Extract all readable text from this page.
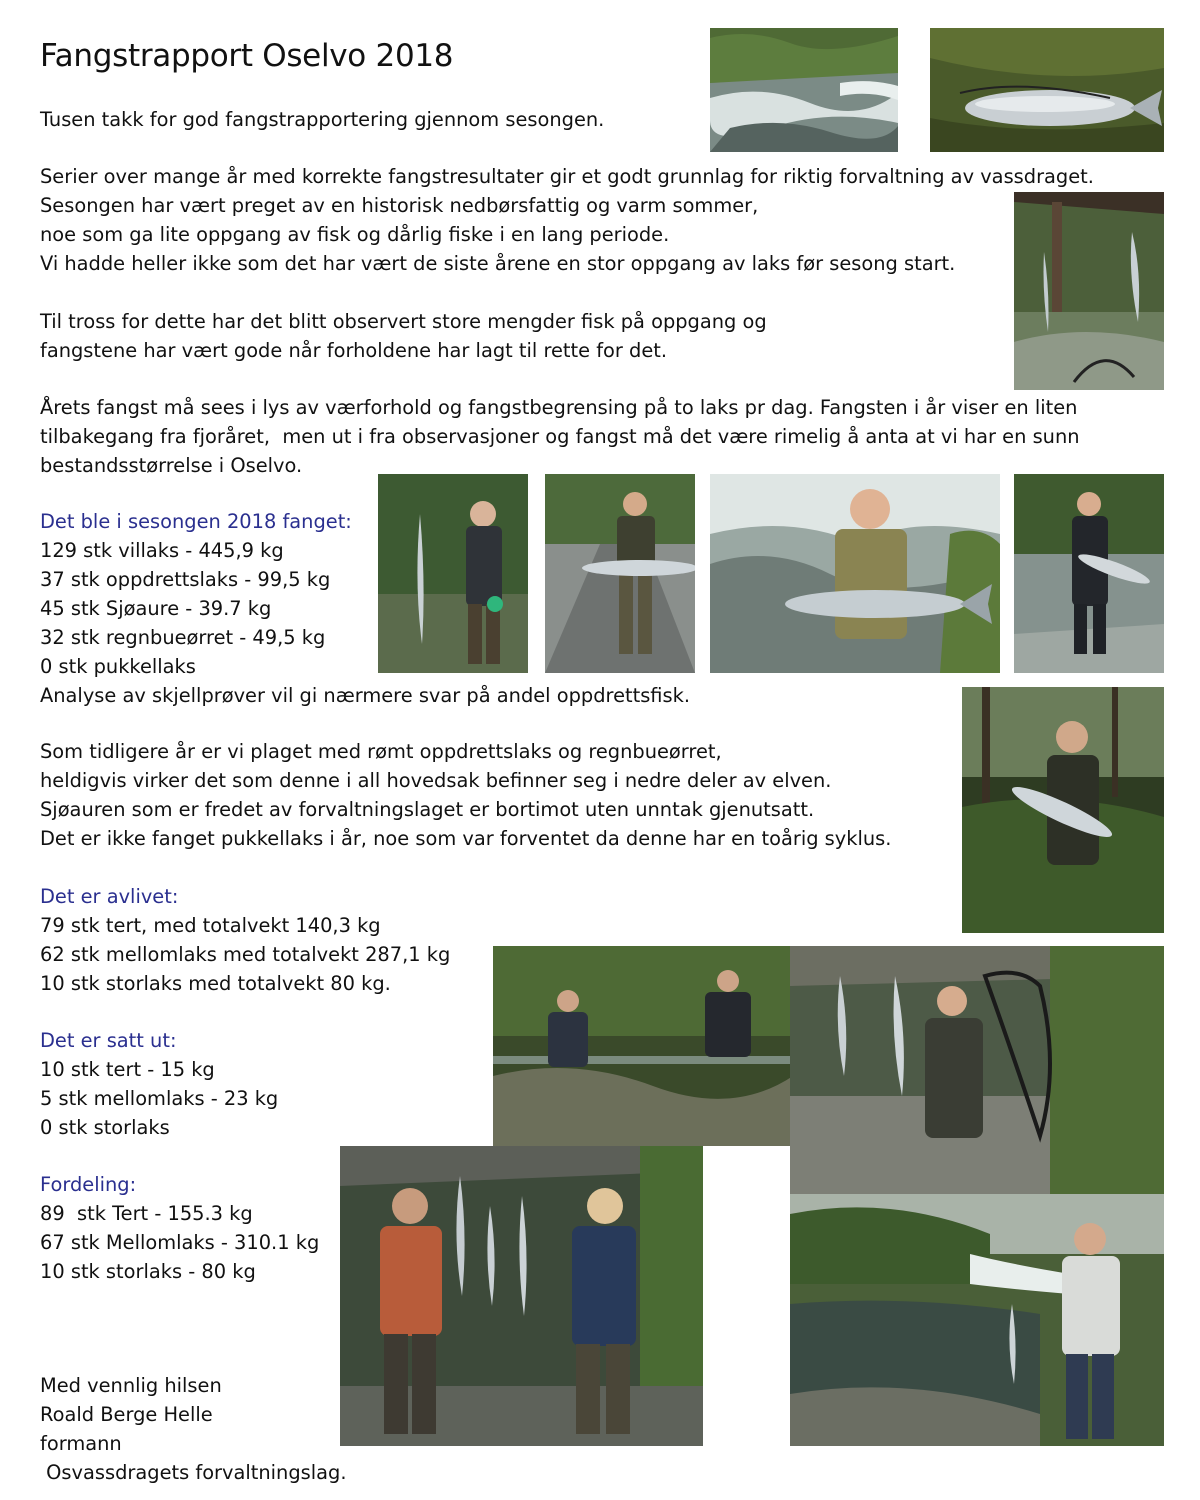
Fangstrapport Oselvo 2018
Tusen takk for god fangstrapportering gjennom sesongen.
Serier over mange år med korrekte fangstresultater gir et godt grunnlag for riktig forvaltning av vassdraget.
Sesongen har vært preget av en historisk nedbørsfattig og varm sommer,
noe som ga lite oppgang av fisk og dårlig fiske i en lang periode.
Vi hadde heller ikke som det har vært de siste årene en stor oppgang av laks før sesong start.
Til tross for dette har det blitt observert store mengder fisk på oppgang og
fangstene har vært gode når forholdene har lagt til rette for det.
Årets fangst må sees i lys av værforhold og fangstbegrensing på to laks pr dag. Fangsten i år viser en liten
tilbakegang fra fjoråret,  men ut i fra observasjoner og fangst må det være rimelig å anta at vi har en sunn
bestandsstørrelse i Oselvo.
Det ble i sesongen 2018 fanget:
129 stk villaks - 445,9 kg
37 stk oppdrettslaks - 99,5 kg
45 stk Sjøaure - 39.7 kg
32 stk regnbueørret - 49,5 kg
0 stk pukkellaks
Analyse av skjellprøver vil gi nærmere svar på andel oppdrettsfisk.
Som tidligere år er vi plaget med rømt oppdrettslaks og regnbueørret,
heldigvis virker det som denne i all hovedsak befinner seg i nedre deler av elven.
Sjøauren som er fredet av forvaltningslaget er bortimot uten unntak gjenutsatt.
Det er ikke fanget pukkellaks i år, noe som var forventet da denne har en toårig syklus.
Det er avlivet:
79 stk tert, med totalvekt 140,3 kg
62 stk mellomlaks med totalvekt 287,1 kg
10 stk storlaks med totalvekt 80 kg.
Det er satt ut:
10 stk tert - 15 kg
5 stk mellomlaks - 23 kg
0 stk storlaks
Fordeling:
89  stk Tert - 155.3 kg
67 stk Mellomlaks - 310.1 kg
10 stk storlaks - 80 kg
Med vennlig hilsen
Roald Berge Helle
formann
Osvassdragets forvaltningslag.
